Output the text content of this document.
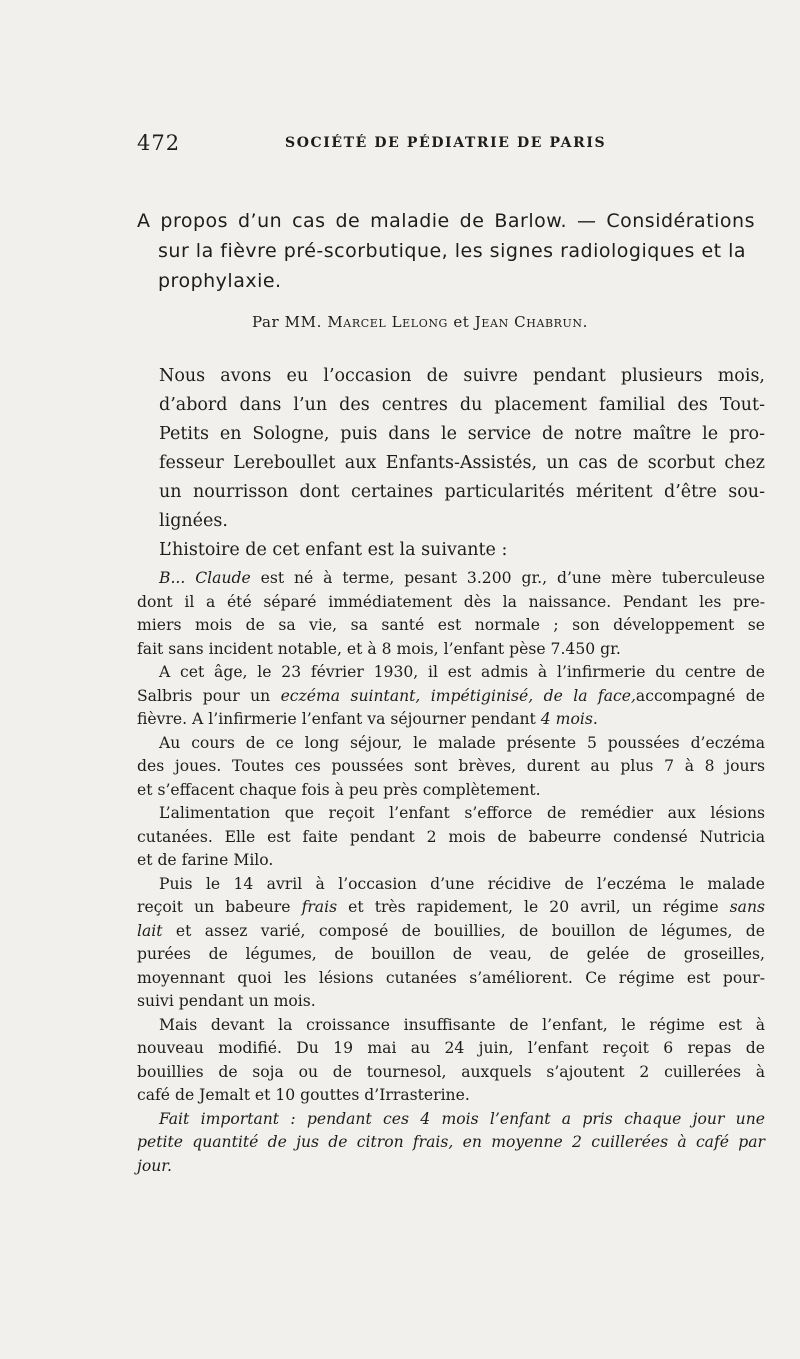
472	SOCIÉTÉ DE PÉDIATRIE DE PARIS
A propos d’un cas de maladie de Barlow. — Considérations
sur la fièvre pré-scorbutique, les signes radiologiques et la
prophylaxie.
Par MM. Marcel Lelong et Jean Chabrun.

Nous avons eu l’occasion de suivre pendant plusieurs mois,
d’abord dans l’un des centres du placement familial des Tout-
Petits en Sologne, puis dans le service de notre maître le pro-
fesseur Lereboullet aux Enfants-Assistés, un cas de scorbut chez
un nourrisson dont certaines particularités méritent d’être sou-
lignées.

L’histoire de cet enfant est la suivante :

B... Claude est né à terme, pesant 3.200 gr., d’une mère tuberculeuse
dont il a été séparé immédiatement dès la naissance. Pendant les pre-
miers mois de sa vie, sa santé est normale ; son développement se
fait sans incident notable, et à 8 mois, l’enfant pèse 7.450 gr.

A cet âge, le 23 février 1930, il est admis à l’infirmerie du centre de
Salbris pour un eczéma suintant, impétiginisé, de la face,accompagné de
fièvre. A l’infirmerie l’enfant va séjourner pendant 4 mois.

Au cours de ce long séjour, le malade présente 5 poussées d’eczéma
des joues. Toutes ces poussées sont brèves, durent au plus 7 à 8 jours
et s’effacent chaque fois à peu près complètement.

L’alimentation que reçoit l’enfant s’efforce de remédier aux lésions
cutanées. Elle est faite pendant 2 mois de babeurre condensé Nutricia
et de farine Milo.

Puis le 14 avril à l’occasion d’une récidive de l’eczéma le malade
reçoit un babeure frais et très rapidement, le 20 avril, un régime sans
lait et assez varié, composé de bouillies, de bouillon de légumes, de
purées de légumes, de bouillon de veau, de gelée de groseilles,
moyennant quoi les lésions cutanées s’améliorent. Ce régime est pour-
suivi pendant un mois.

Mais devant la croissance insuffisante de l’enfant, le régime est à
nouveau modifié. Du 19 mai au 24 juin, l’enfant reçoit 6 repas de
bouillies de soja ou de tournesol, auxquels s’ajoutent 2 cuillerées à
café de Jemalt et 10 gouttes d’Irrasterine.

Fait important : pendant ces 4 mois l’enfant a pris chaque jour une
petite quantité de jus de citron frais, en moyenne 2 cuillerées à café par
jour.
